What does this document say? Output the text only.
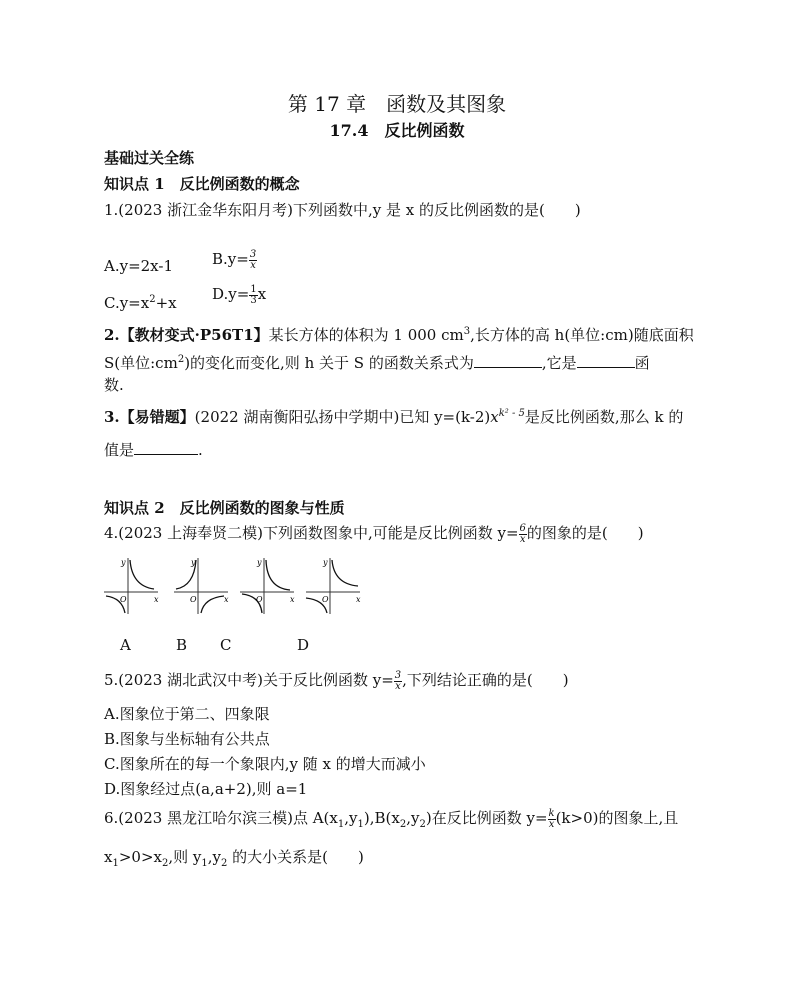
第 17 章　函数及其图象
17.4　反比例函数
基础过关全练
知识点 1　反比例函数的概念
1.(2023 浙江金华东阳月考)下列函数中,y 是 x 的反比例函数的是(　　)
A.y=2x-1	$B.y= \frac{3}{x}$
$C.y=x^2+x$ $D.y= \frac{1}{3}$ x
2.【教材变式·P56T1】某长方体的体积为 1 000 $cm^3$,长方体的高 h(单位:cm)随底面积
S(单位$:cm^2$)的变化而变化,则 h 关于 S 的函数关系式为	,它是	函
数.
3.【易错题】(2022 湖南衡阳弘扬中学期中)已知 $y=(k-2)x^{k^2 - 5}$是反比例函数,那么 k 的
值是	.
知识点 2　反比例函数的图象与性质
4.(2023 上海奉贤二模)下列函数图象中,可能是反比例函数 $y= \frac{6}{x}$ 的图象的是(　　)
y
x
O
y
x
O
y
x
O
y
x
O
A	B C	D
5.(2023 湖北武汉中考)关于反比例函数 $y= \frac{3}{x}$ ,下列结论正确的是(　　)
A.图象位于第二、四象限
B.图象与坐标轴有公共点
C.图象所在的每一个象限内,y 随 x 的增大而减小
D.图象经过点(a,a+2),则 a=1
6.(2023 黑龙江哈尔滨三模)点 $A(x_1,y_1),B(x_2,y_2)$在反比例函数 $y= \frac{k}{x} (k>0)$的图象上,且
$x_1>0>x_2$,则 $y_1,y_2$ 的大小关系是(　　)
